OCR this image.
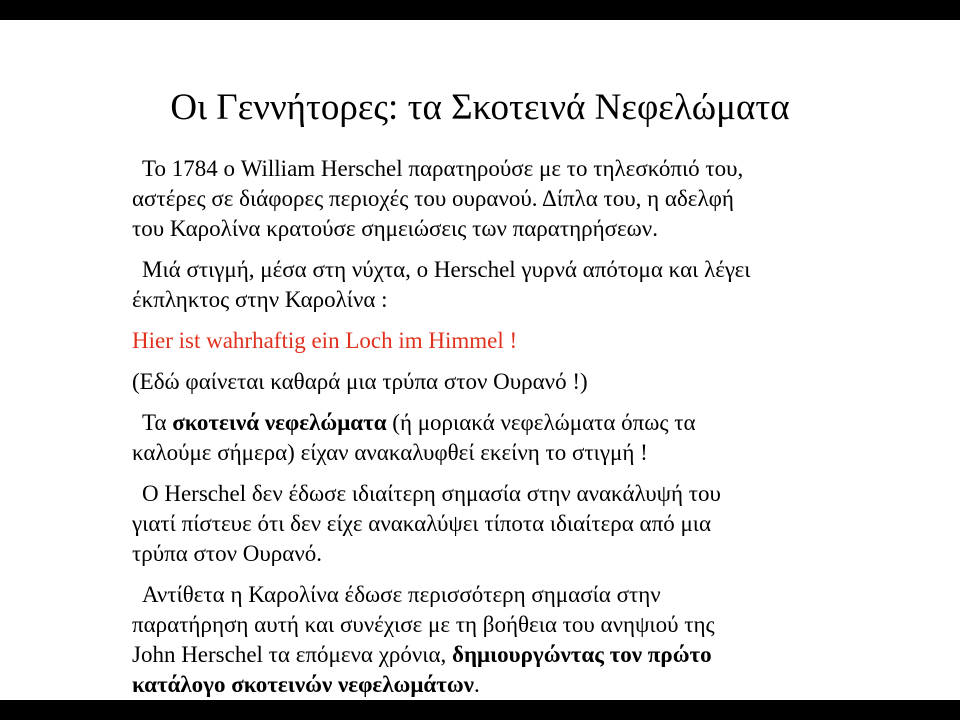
Οι Γεννήτορες: τα Σκοτεινά Νεφελώματα

Το 1784 ο William Herschel παρατηρούσε με το τηλεσκόπιό του,
αστέρες σε διάφορες περιοχές του ουρανού. Δίπλα του, η αδελφή
του Καρολίνα κρατούσε σημειώσεις των παρατηρήσεων.

Μιά στιγμή, μέσα στη νύχτα, ο Herschel γυρνά απότομα και λέγει
έκπληκτος στην Καρολίνα :

Hier ist wahrhaftig ein Loch im Himmel !

(Εδώ φαίνεται καθαρά μια τρύπα στον Ουρανό !)

Τα σκοτεινά νεφελώματα (ή μοριακά νεφελώματα όπως τα
καλούμε σήμερα) είχαν ανακαλυφθεί εκείνη το στιγμή !

Ο Herschel δεν έδωσε ιδιαίτερη σημασία στην ανακάλυψή του
γιατί πίστευε ότι δεν είχε ανακαλύψει τίποτα ιδιαίτερα από μια
τρύπα στον Ουρανό.

Αντίθετα η Καρολίνα έδωσε περισσότερη σημασία στην
παρατήρηση αυτή και συνέχισε με τη βοήθεια του ανηψιού της
John Herschel τα επόμενα χρόνια, δημιουργώντας τον πρώτο
κατάλογο σκοτεινών νεφελωμάτων.
